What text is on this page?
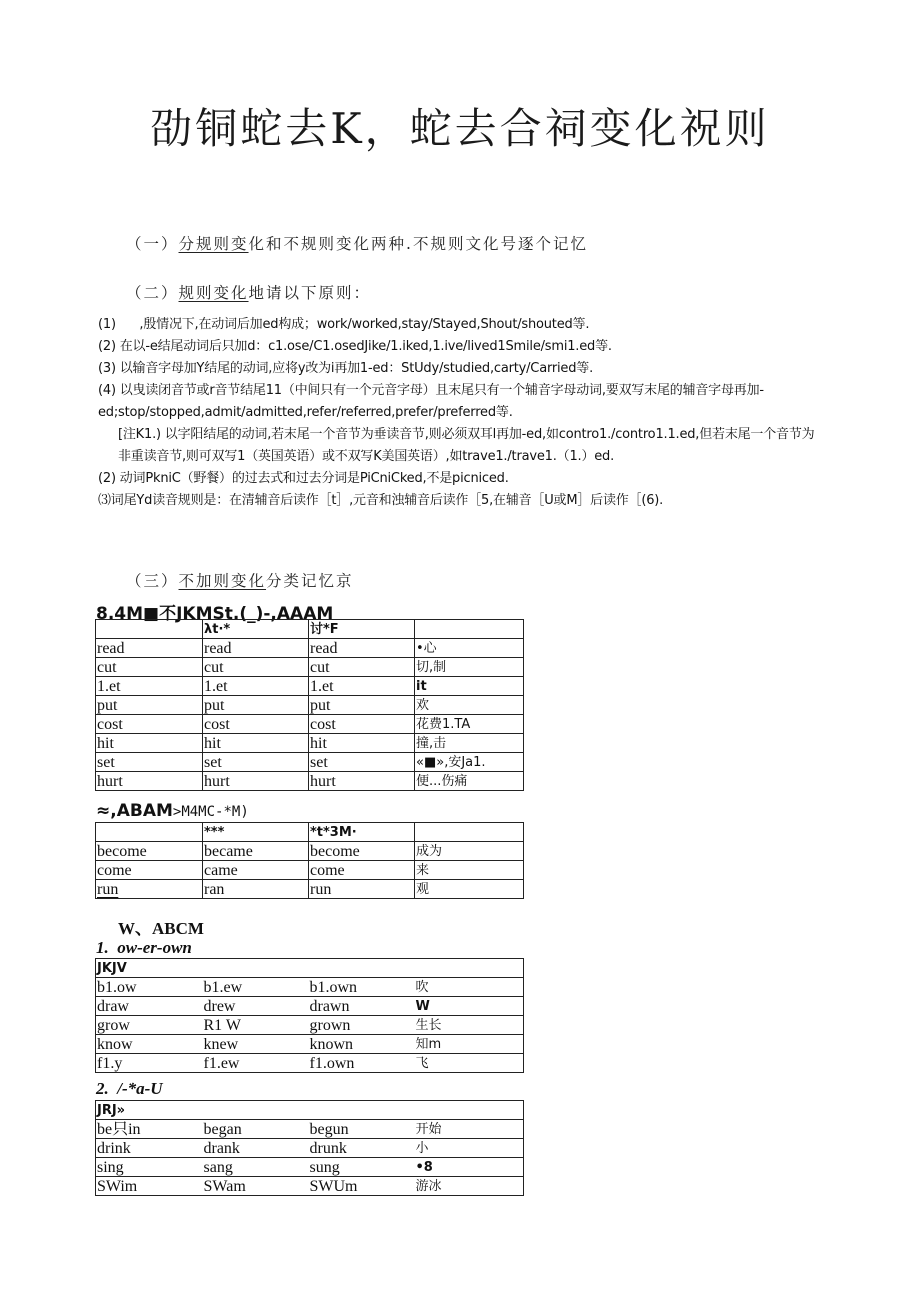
劭铜蛇去K，蛇去合祠变化祝则
（一）分规则变化和不规则变化两种.不规则文化号逐个记忆
（二）规则变化地请以下原则：

(1)      ,殷情况下,在动词后加ed构成；work/worked,stay/Stayed,Shout/shouted等.

(2) 在以-e结尾动词后只加d：c1.ose/C1.osedJike/1.iked,1.ive/lived1Smile/smi1.ed等.

(3) 以输音字母加Y结尾的动词,应将y改为i再加1-ed：StUdy/studied,carty/Carried等.

(4) 以曳读闭音节或r音节结尾11（中间只有一个元音字母）且末尾只有一个辅音字母动词,要双写末尾的辅音字母再加-ed;stop/stopped,admit/admitted,refer/referred,prefer/preferred等.

[注K1.) 以字阳结尾的动词,若末尾一个音节为垂读音节,则必须双耳l再加-ed,如contro1./contro1.1.ed,但若末尾一个音节为非重读音节,则可双写1（英国英语）或不双写K美国英语）,如trave1./trave1.（1.）ed.

(2) 动词PkniC（野餐）的过去式和过去分词是PiCniCked,不是picniced.

⑶词尾Yd读音规则是：在清辅音后读作［t］,元音和浊辅音后读作［5,在辅音［U或M］后读作［(6).

（三）不加则变化分类记忆京
8.4M■不JKMSt.(_)-,AAAM
	λt·*	讨*F	
read	read	read	•心
cut	cut	cut	切,制
1.et	1.et	1.et	it
put	put	put	欢
cost	cost	cost	花费1.TA
hit	hit	hit	撞,击
set	set	set	«■»,安Ja1.
hurt	hurt	hurt	便...伤痛
≈,ABAM>M4MC-*M)
	***	*t*3M·	
become	became	become	成为
come	came	come	来
run	ran	run	观
W、ABCM
1.  ow-er-own
JKJV			
b1.ow	b1.ew	b1.own	吹
draw	drew	drawn	W
grow	R1 W	grown	生长
know	knew	known	知m
f1.y	f1.ew	f1.own	飞
2.  /-*a-U
JRJ»			
be只in	began	begun	开始
drink	drank	drunk	小
sing	sang	sung	•8
SWim	SWam	SWUm	游冰
